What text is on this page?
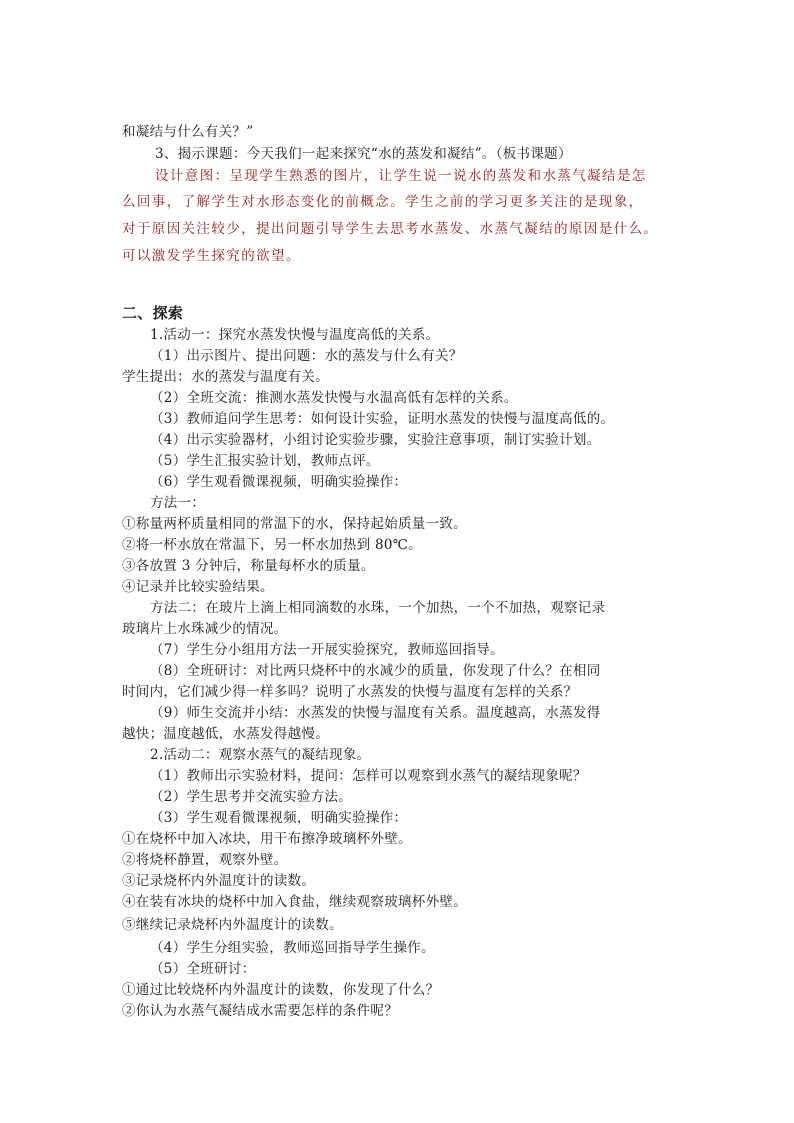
和凝结与什么有关？”
3、揭示课题：今天我们一起来探究“水的蒸发和凝结”。（板书课题）
设计意图：呈现学生熟悉的图片，让学生说一说水的蒸发和水蒸气凝结是怎
么回事，了解学生对水形态变化的前概念。学生之前的学习更多关注的是现象，
对于原因关注较少，提出问题引导学生去思考水蒸发、水蒸气凝结的原因是什么。
可以激发学生探究的欲望。
二、探索
1.活动一：探究水蒸发快慢与温度高低的关系。
（1）出示图片、提出问题：水的蒸发与什么有关？
学生提出：水的蒸发与温度有关。
（2）全班交流：推测水蒸发快慢与水温高低有怎样的关系。
（3）教师追问学生思考：如何设计实验，证明水蒸发的快慢与温度高低的。
（4）出示实验器材，小组讨论实验步骤，实验注意事项，制订实验计划。
（5）学生汇报实验计划，教师点评。
（6）学生观看微课视频，明确实验操作：
方法一：
①称量两杯质量相同的常温下的水，保持起始质量一致。
②将一杯水放在常温下，另一杯水加热到 80℃。
③各放置 3 分钟后，称量每杯水的质量。
④记录并比较实验结果。
方法二：在玻片上滴上相同滴数的水珠，一个加热，一个不加热，观察记录
玻璃片上水珠减少的情况。
（7）学生分小组用方法一开展实验探究，教师巡回指导。
（8）全班研讨：对比两只烧杯中的水减少的质量，你发现了什么？在相同
时间内，它们减少得一样多吗？说明了水蒸发的快慢与温度有怎样的关系？
（9）师生交流并小结：水蒸发的快慢与温度有关系。温度越高，水蒸发得
越快；温度越低，水蒸发得越慢。
2.活动二：观察水蒸气的凝结现象。
（1）教师出示实验材料，提问：怎样可以观察到水蒸气的凝结现象呢？
（2）学生思考并交流实验方法。
（3）学生观看微课视频，明确实验操作：
①在烧杯中加入冰块，用干布擦净玻璃杯外壁。
②将烧杯静置，观察外壁。
③记录烧杯内外温度计的读数。
④在装有冰块的烧杯中加入食盐，继续观察玻璃杯外壁。
⑤继续记录烧杯内外温度计的读数。
（4）学生分组实验，教师巡回指导学生操作。
（5）全班研讨：
①通过比较烧杯内外温度计的读数，你发现了什么？
②你认为水蒸气凝结成水需要怎样的条件呢？
